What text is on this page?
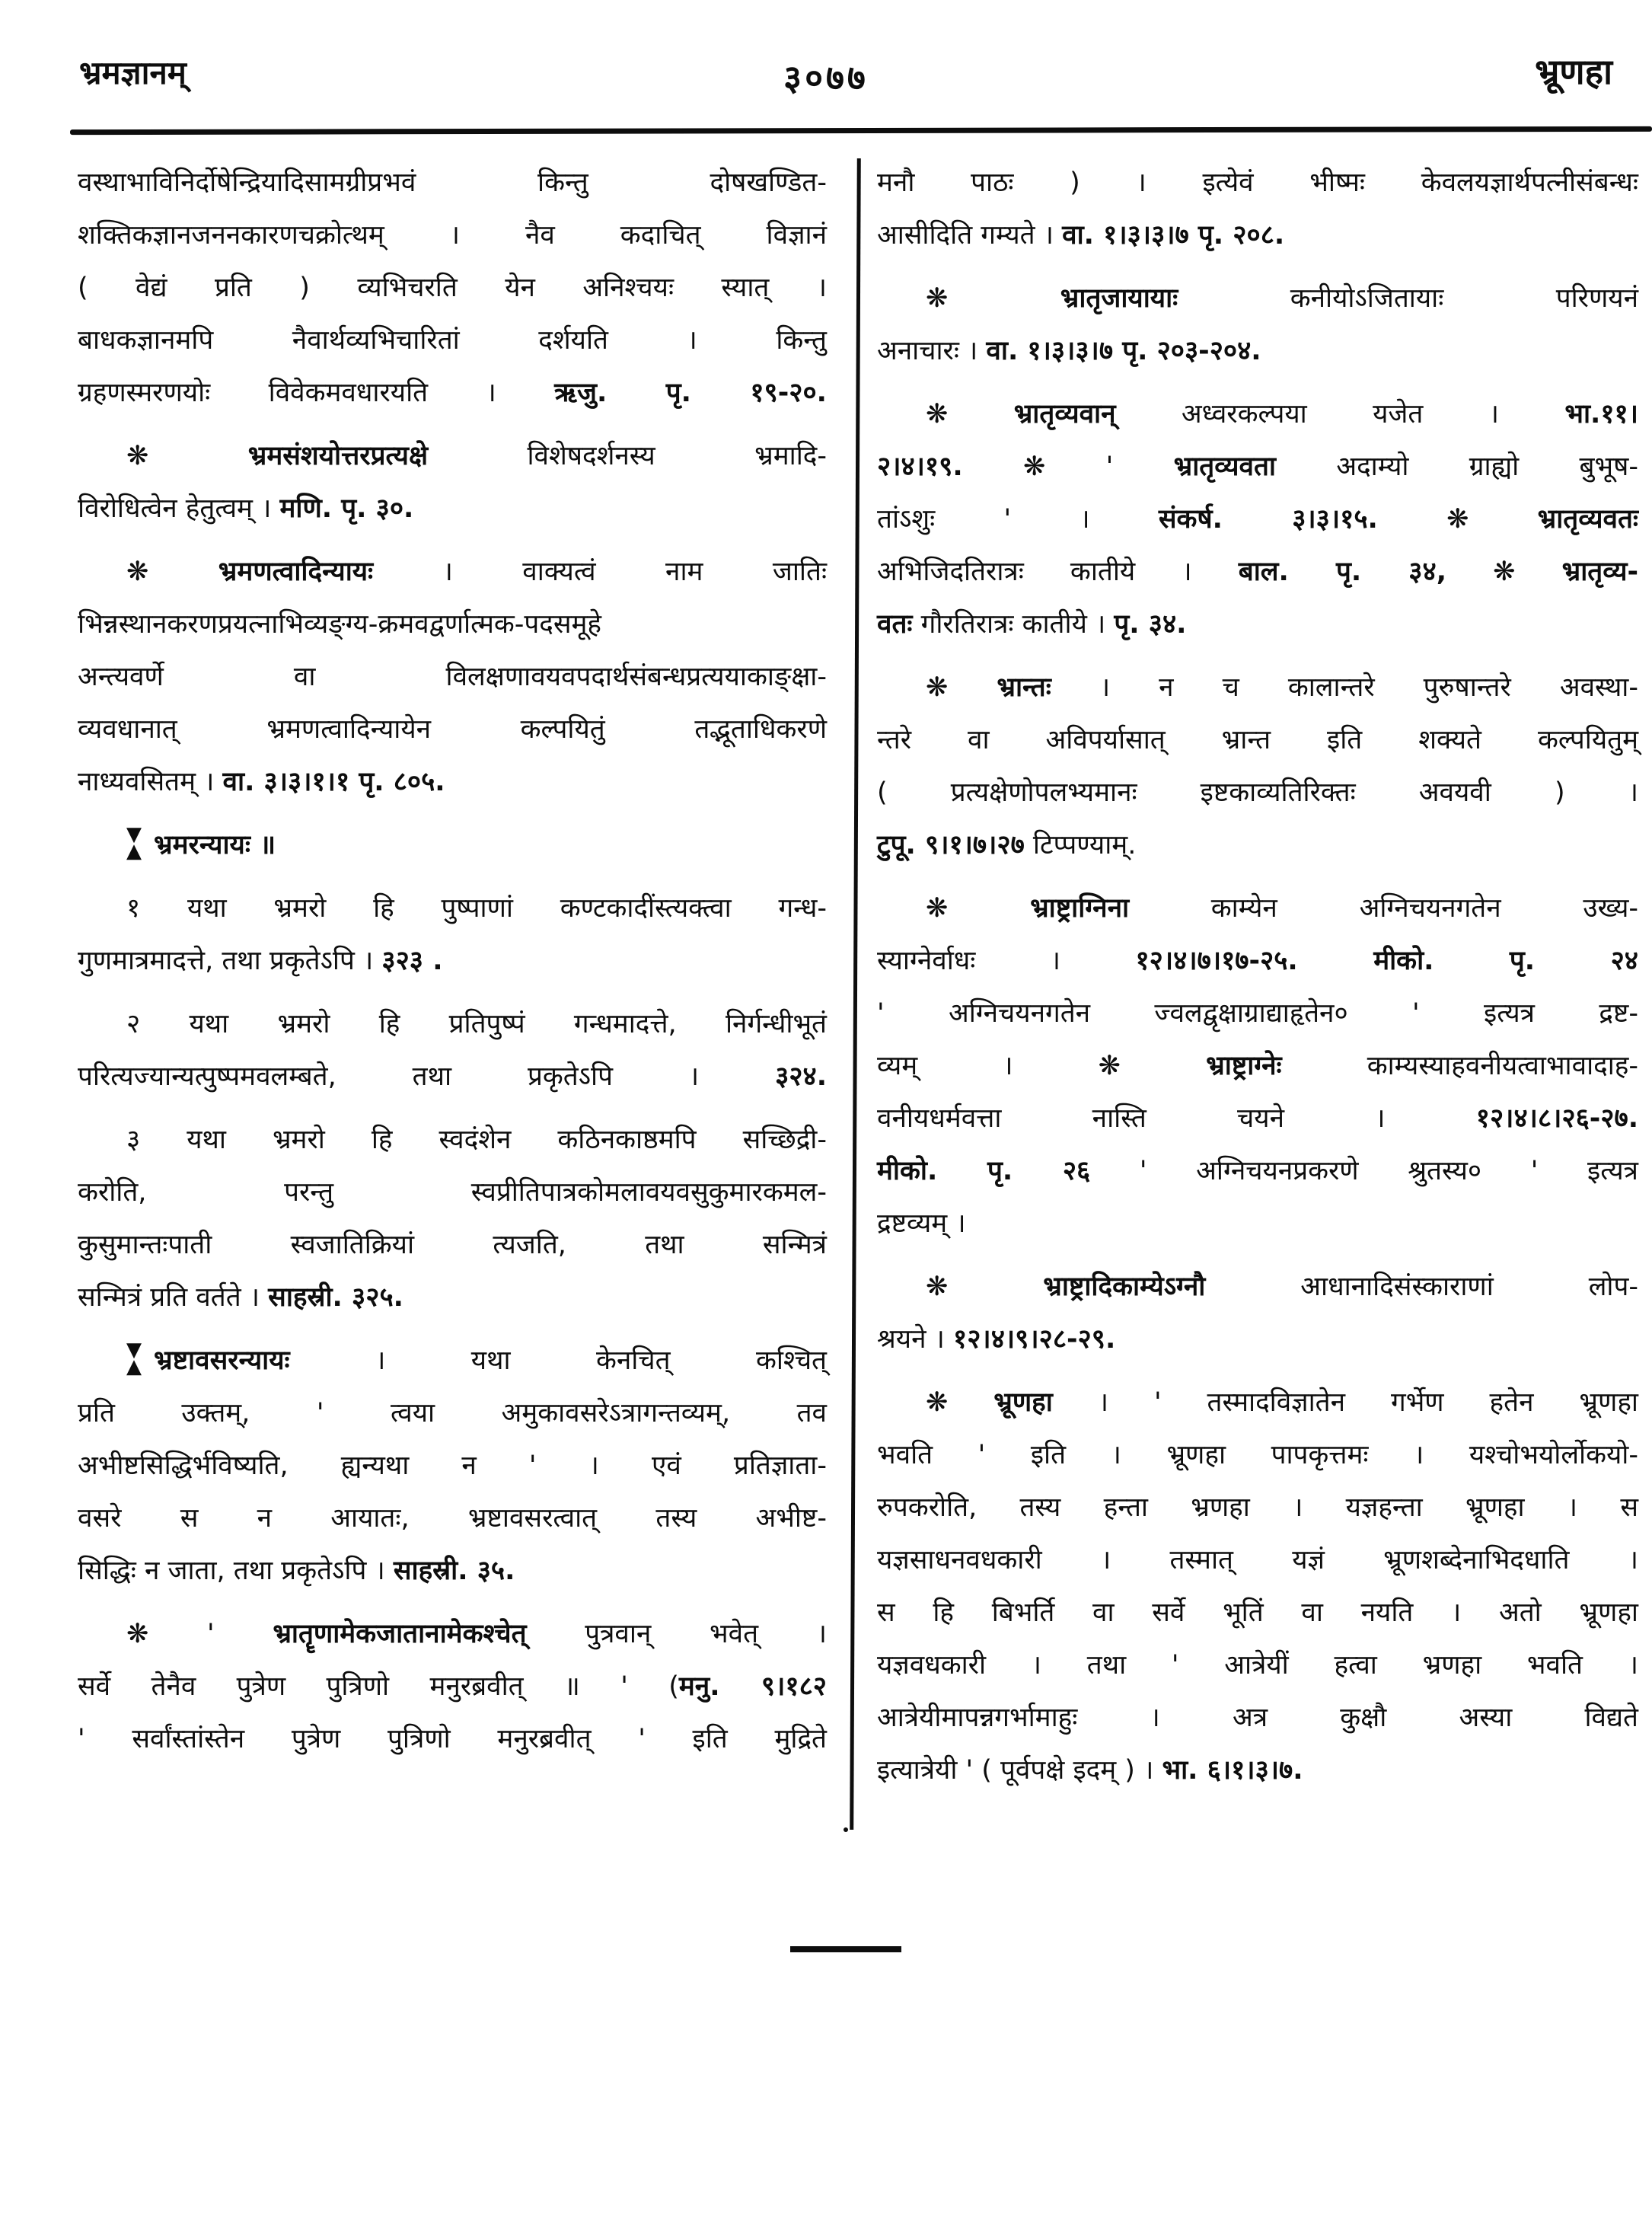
भ्रमज्ञानम्	३०७७	भ्रूणहा
वस्थाभाविनिर्दोषेन्द्रियादिसामग्रीप्रभवं किन्तु दोषखण्डित-
शक्तिकज्ञानजननकारणचक्रोत्थम् । नैव कदाचित् विज्ञानं
( वेद्यं प्रति ) व्यभिचरति येन अनिश्चयः स्यात् ।
बाधकज्ञानमपि नैवार्थव्यभिचारितां दर्शयति । किन्तु
ग्रहणस्मरणयोः विवेकमवधारयति । ऋजु. पृ. १९-२०.
❋ भ्रमसंशयोत्तरप्रत्यक्षे विशेषदर्शनस्य भ्रमादि-
विरोधित्वेन हेतुत्वम् । मणि. पृ. ३०.
❋ भ्रमणत्वादिन्यायः । वाक्यत्वं नाम जातिः
भिन्नस्थानकरणप्रयत्नाभिव्यङ्ग्य-क्रमवद्वर्णात्मक-पदसमूहे
अन्त्यवर्णे वा विलक्षणावयवपदार्थसंबन्धप्रत्ययाकाङ्क्षा-
व्यवधानात् भ्रमणत्वादिन्यायेन कल्पयितुं तद्भूताधिकरणे
नाध्यवसितम् । वा. ३।३।१।१ पृ. ८०५.
▼
▲ भ्रमरन्यायः ॥
१ यथा भ्रमरो हि पुष्पाणां कण्टकादींस्त्यक्त्वा गन्ध-
गुणमात्रमादत्ते, तथा प्रकृतेऽपि । ३२३ .
२ यथा भ्रमरो हि प्रतिपुष्पं गन्धमादत्ते, निर्गन्धीभूतं
परित्यज्यान्यत्पुष्पमवलम्बते, तथा प्रकृतेऽपि । ३२४.
३ यथा भ्रमरो हि स्वदंशेन कठिनकाष्ठमपि सच्छिद्री-
करोति, परन्तु स्वप्रीतिपात्रकोमलावयवसुकुमारकमल-
कुसुमान्तःपाती स्वजातिक्रियां त्यजति, तथा सन्मित्रं
सन्मित्रं प्रति वर्तते । साहस्री. ३२५.
▼
▲ भ्रष्टावसरन्यायः । यथा केनचित् कश्चित्
प्रति उक्तम्, ' त्वया अमुकावसरेऽत्रागन्तव्यम्, तव
अभीष्टसिद्धिर्भविष्यति, ह्यन्यथा न ' । एवं प्रतिज्ञाता-
वसरे स न आयातः, भ्रष्टावसरत्वात् तस्य अभीष्ट-
सिद्धिः न जाता, तथा प्रकृतेऽपि । साहस्री. ३५.
❋ ' भ्रातॄणामेकजातानामेकश्चेत् पुत्रवान् भवेत् ।
सर्वे तेनैव पुत्रेण पुत्रिणो मनुरब्रवीत् ॥ ' (मनु. ९।१८२
' सर्वांस्तांस्तेन पुत्रेण पुत्रिणो मनुरब्रवीत् ' इति मुद्रिते
मनौ पाठः ) । इत्येवं भीष्मः केवलयज्ञार्थपत्नीसंबन्धः
आसीदिति गम्यते । वा. १।३।३।७ पृ. २०८.
❋ भ्रातृजायायाः कनीयोऽजितायाः परिणयनं
अनाचारः । वा. १।३।३।७ पृ. २०३-२०४.
❋ भ्रातृव्यवान् अध्वरकल्पया यजेत । भा.११।
२।४।१९. ❋ ' भ्रातृव्यवता अदाम्यो ग्राह्यो बुभूष-
तांऽशुः ' । संकर्ष. ३।३।१५. ❋ भ्रातृव्यवतः
अभिजिदतिरात्रः कातीये । बाल. पृ. ३४, ❋ भ्रातृव्य-
वतः गौरतिरात्रः कातीये । पृ. ३४.
❋ भ्रान्तः । न च कालान्तरे पुरुषान्तरे अवस्था-
न्तरे वा अविपर्यासात् भ्रान्त इति शक्यते कल्पयितुम्
( प्रत्यक्षेणोपलभ्यमानः इष्टकाव्यतिरिक्तः अवयवी ) ।
टुपू. ९।१।७।२७ टिप्पण्याम्.
❋ भ्राष्ट्राग्निना काम्येन अग्निचयनगतेन उख्य-
स्याग्नेर्वाधः । १२।४।७।१७-२५. मीको. पृ. २४
' अग्निचयनगतेन ज्वलद्वृक्षाग्राद्याहृतेन० ' इत्यत्र द्रष्ट-
व्यम् । ❋ भ्राष्ट्राग्नेः काम्यस्याहवनीयत्वाभावादाह-
वनीयधर्मवत्ता नास्ति चयने । १२।४।८।२६-२७.
मीको. पृ. २६ ' अग्निचयनप्रकरणे श्रुतस्य० ' इत्यत्र
द्रष्टव्यम् ।
❋ भ्राष्ट्रादिकाम्येऽग्नौ आधानादिसंस्काराणां लोप-
श्रयने । १२।४।९।२८-२९.
❋ भ्रूणहा । ' तस्मादविज्ञातेन गर्भेण हतेन भ्रूणहा
भवति ' इति । भ्रूणहा पापकृत्तमः । यश्चोभयोर्लोकयो-
रुपकरोति, तस्य हन्ता भ्रणहा । यज्ञहन्ता भ्रूणहा । स
यज्ञसाधनवधकारी । तस्मात् यज्ञं भ्रूणशब्देनाभिदधाति ।
स हि बिभर्ति वा सर्वे भूतिं वा नयति । अतो भ्रूणहा
यज्ञवधकारी । तथा ' आत्रेयीं हत्वा भ्रणहा भवति ।
आत्रेयीमापन्नगर्भामाहुः । अत्र कुक्षौ अस्या विद्यते
इत्यात्रेयी ' ( पूर्वपक्षे इदम् ) । भा. ६।१।३।७.
